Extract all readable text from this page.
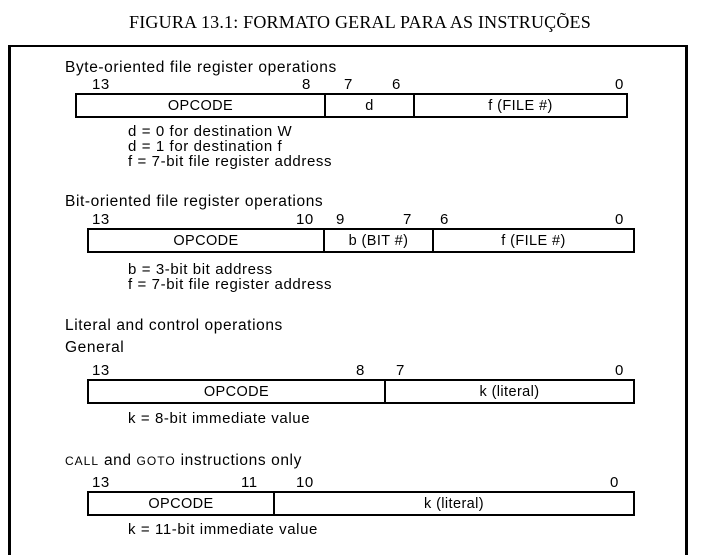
FIGURA 13.1: FORMATO GERAL PARA AS INSTRUÇÕES
Byte-oriented file register operations
13	8 7	6	0
OPCODE	d	f (FILE #)
d = 0 for destination W
d = 1 for destination f
f = 7-bit file register address
Bit-oriented file register operations
13	10 9	7 6	0
OPCODE	b (BIT #)	f (FILE #)
b = 3-bit bit address
f = 7-bit file register address
Literal and control operations
General
13	8 7	0
OPCODE	k (literal)
k = 8-bit immediate value
CALL and GOTO instructions only
13	11	10	0
OPCODE	k (literal)
k = 11-bit immediate value
